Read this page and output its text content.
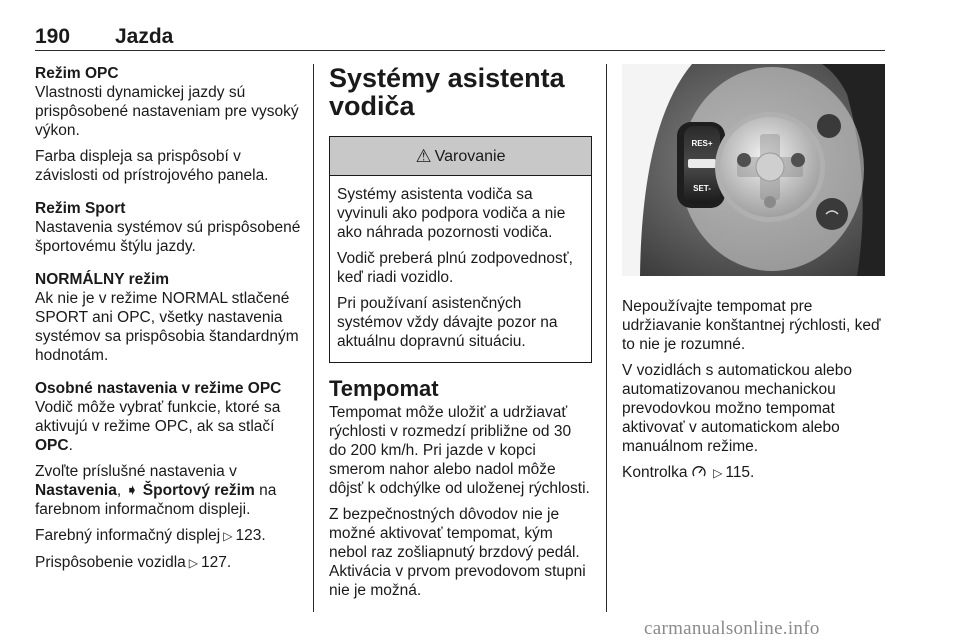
190 Jazda
Režim OPC

Vlastnosti dynamickej jazdy sú prispôsobené nastaveniam pre vysoký výkon.

Farba displeja sa prispôsobí v závislosti od prístrojového panela.

Režim Sport

Nastavenia systémov sú prispôsobené športovému štýlu jazdy.

NORMÁLNY režim

Ak nie je v režime NORMAL stlačené SPORT ani OPC, všetky nastavenia systémov sa prispôsobia štandardným hodnotám.

Osobné nastavenia v režime OPC

Vodič môže vybrať funkcie, ktoré sa aktivujú v režime OPC, ak sa stlačí OPC.

Zvoľte príslušné nastavenia v Nastavenia, ➧ Športový režim na farebnom informačnom displeji.

Farebný informačný displej ▷ 123.

Prispôsobenie vozidla ▷ 127.

Systémy asistenta vodiča
⚠ Varovanie

Systémy asistenta vodiča sa vyvinuli ako podpora vodiča a nie ako náhrada pozornosti vodiča.

Vodič preberá plnú zodpovednosť, keď riadi vozidlo.

Pri používaní asistenčných systémov vždy dávajte pozor na aktuálnu dopravnú situáciu.

Tempomat

Tempomat môže uložiť a udržiavať rýchlosti v rozmedzí približne od 30 do 200 km/h. Pri jazde v kopci smerom nahor alebo nadol môže dôjsť k odchýlke od uloženej rýchlosti.

Z bezpečnostných dôvodov nie je možné aktivovať tempomat, kým nebol raz zošliapnutý brzdový pedál. Aktivácia v prvom prevodovom stupni nie je možná.

RES+
SET-

Nepoužívajte tempomat pre udržiavanie konštantnej rýchlosti, keď to nie je rozumné.

V vozidlách s automatickou alebo automatizovanou mechanickou prevodovkou možno tempomat aktivovať v automatickom alebo manuálnom režime.

Kontrolka ▷ 115.

carmanualsonline.info
